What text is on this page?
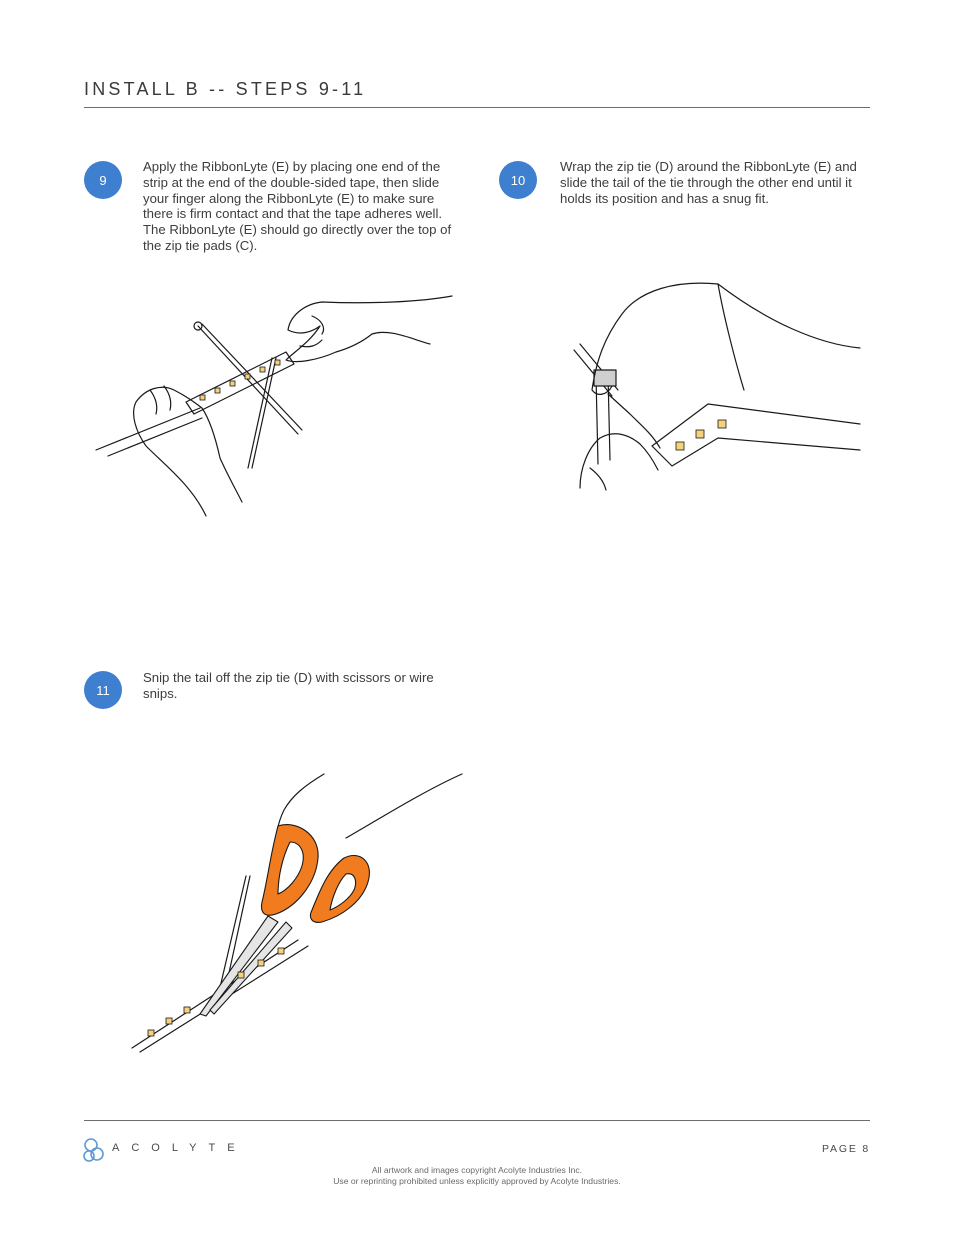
INSTALL B -- STEPS 9-11
9
Apply the RibbonLyte (E) by placing one end of the strip at the end of the double-sided tape, then slide your finger along the RibbonLyte (E) to make sure there is firm contact and that the tape adheres well. The RibbonLyte (E) should go directly over the top of the zip tie pads (C).
10
Wrap the zip tie (D) around the RibbonLyte (E) and slide the tail of the tie through the other end until it holds its position and has a snug fit.
11
Snip the tail off the zip tie (D) with scissors or wire snips.
ACOLYTE	PAGE 8
All artwork and images copyright Acolyte Industries Inc.
Use or reprinting prohibited unless explicitly approved by Acolyte Industries.
